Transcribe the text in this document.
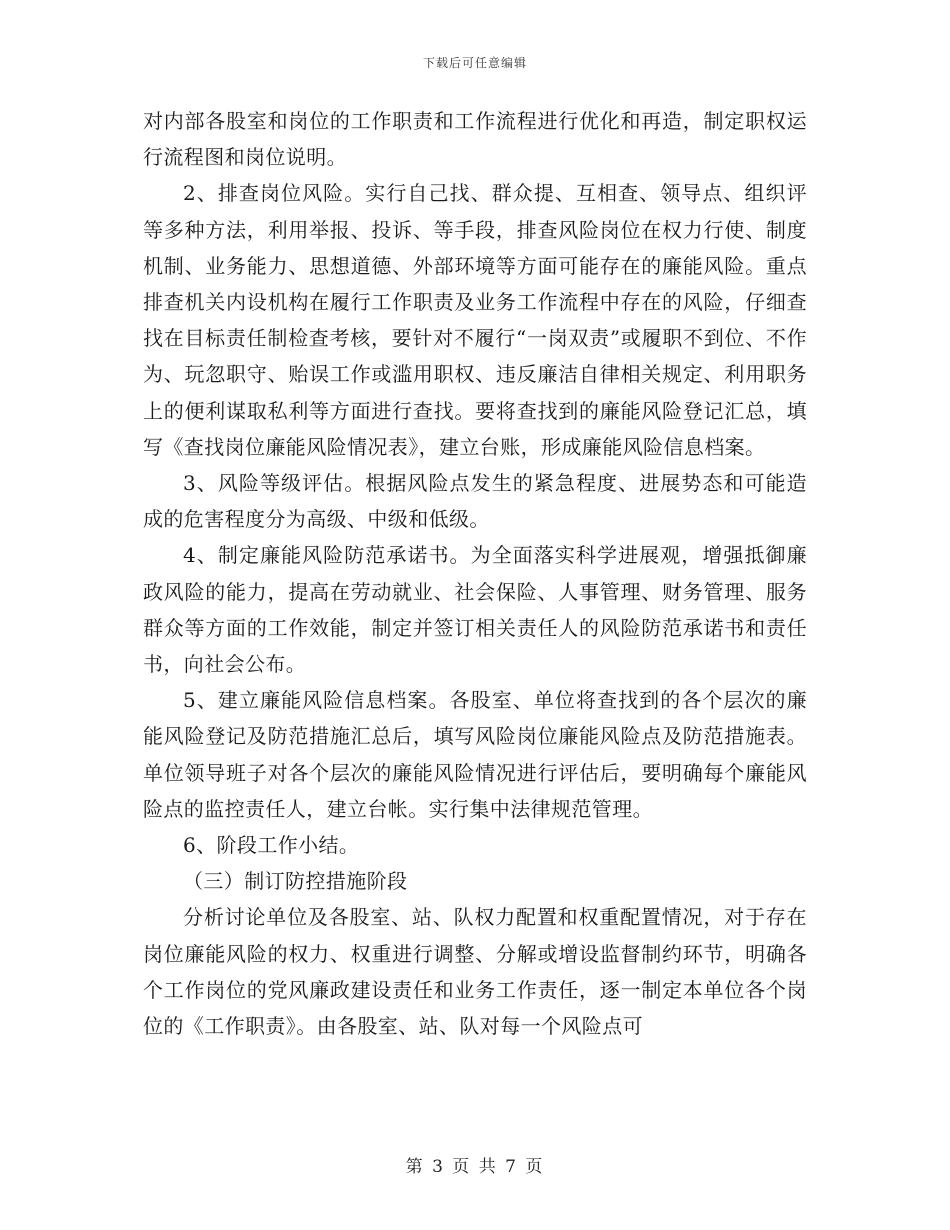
下载后可任意编辑

对内部各股室和岗位的工作职责和工作流程进行优化和再造，制定职权运行流程图和岗位说明。

2、排查岗位风险。实行自己找、群众提、互相查、领导点、组织评等多种方法，利用举报、投诉、等手段，排查风险岗位在权力行使、制度机制、业务能力、思想道德、外部环境等方面可能存在的廉能风险。重点排查机关内设机构在履行工作职责及业务工作流程中存在的风险，仔细查找在目标责任制检查考核，要针对不履行“一岗双责”或履职不到位、不作为、玩忽职守、贻误工作或滥用职权、违反廉洁自律相关规定、利用职务上的便利谋取私利等方面进行查找。要将查找到的廉能风险登记汇总，填写《查找岗位廉能风险情况表》，建立台账，形成廉能风险信息档案。

3、风险等级评估。根据风险点发生的紧急程度、进展势态和可能造成的危害程度分为高级、中级和低级。

4、制定廉能风险防范承诺书。为全面落实科学进展观，增强抵御廉政风险的能力，提高在劳动就业、社会保险、人事管理、财务管理、服务群众等方面的工作效能，制定并签订相关责任人的风险防范承诺书和责任书，向社会公布。

5、建立廉能风险信息档案。各股室、单位将查找到的各个层次的廉能风险登记及防范措施汇总后，填写风险岗位廉能风险点及防范措施表。单位领导班子对各个层次的廉能风险情况进行评估后，要明确每个廉能风险点的监控责任人，建立台帐。实行集中法律规范管理。

6、阶段工作小结。

（三）制订防控措施阶段

分析讨论单位及各股室、站、队权力配置和权重配置情况，对于存在岗位廉能风险的权力、权重进行调整、分解或增设监督制约环节，明确各个工作岗位的党风廉政建设责任和业务工作责任，逐一制定本单位各个岗位的《工作职责》。由各股室、站、队对每一个风险点可

第 3 页 共 7 页
